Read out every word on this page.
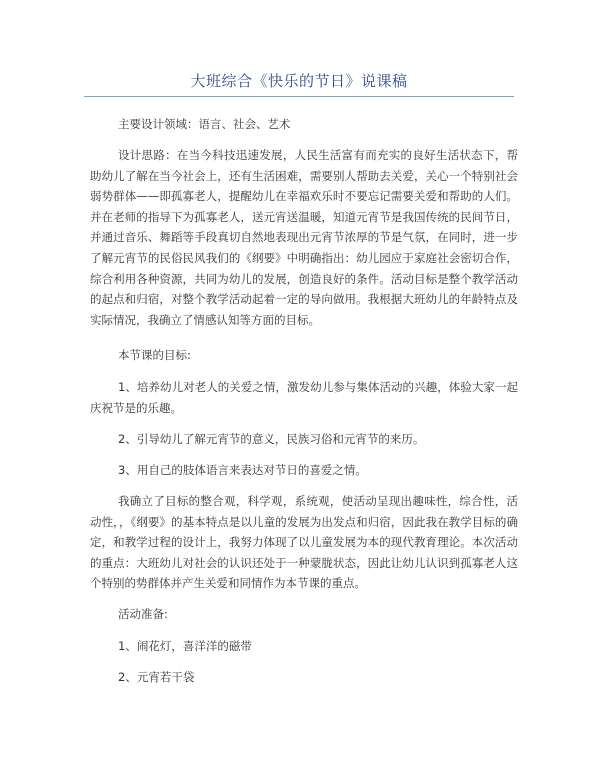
大班综合《快乐的节日》说课稿
主要设计领域：语言、社会、艺术
设计思路：在当今科技迅速发展，人民生活富有而充实的良好生活状态下，帮助幼儿了解在当今社会上，还有生活困难，需要别人帮助去关爱，关心一个特别社会弱势群体——即孤寡老人，提醒幼儿在幸福欢乐时不要忘记需要关爱和帮助的人们。并在老师的指导下为孤寡老人，送元宵送温暖，知道元宵节是我国传统的民间节日，并通过音乐、舞蹈等手段真切自然地表现出元宵节浓厚的节是气氛，在同时，进一步了解元宵节的民俗民风我们的《纲要》中明确指出：幼儿园应于家庭社会密切合作，综合利用各种资源，共同为幼儿的发展，创造良好的条件。活动目标是整个教学活动的起点和归宿，对整个教学活动起着一定的导向做用。我根据大班幼儿的年龄特点及实际情况，我确立了情感认知等方面的目标。
本节课的目标:
1、培养幼儿对老人的关爱之情，激发幼儿参与集体活动的兴趣，体验大家一起庆祝节是的乐趣。
2、引导幼儿了解元宵节的意义，民族习俗和元宵节的来历。
3、用自己的肢体语言来表达对节日的喜爱之情。
我确立了目标的整合观，科学观，系统观，使活动呈现出趣味性，综合性，活动性，，《纲要》的基本特点是以儿童的发展为出发点和归宿，因此我在教学目标的确定，和教学过程的设计上，我努力体现了以儿童发展为本的现代教育理论。本次活动的重点：大班幼儿对社会的认识还处于一种蒙胧状态，因此让幼儿认识到孤寡老人这个特别的势群体并产生关爱和同情作为本节课的重点。
活动准备:
1、闹花灯，喜洋洋的磁带
2、元宵若干袋
